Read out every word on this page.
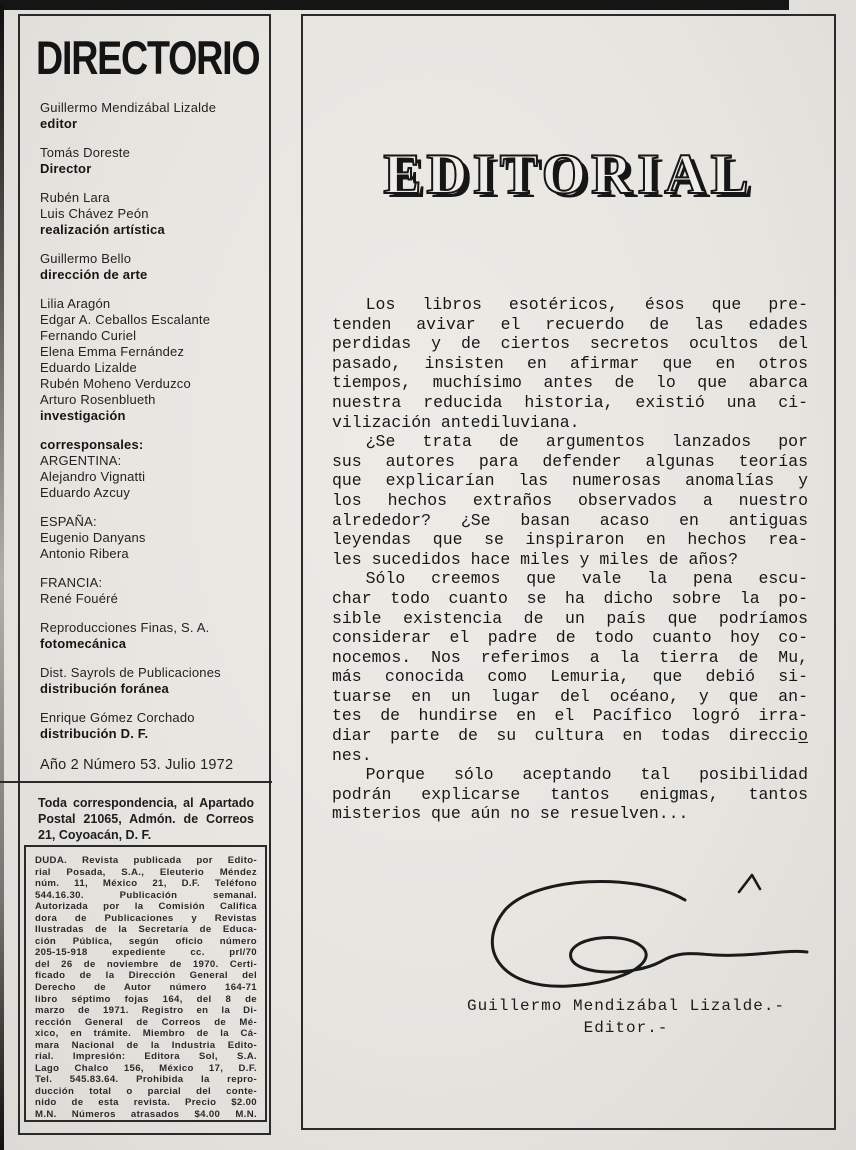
DIRECTORIO
Guillermo Mendizábal Lizalde
editor
Tomás Doreste
Director
Rubén Lara
Luis Chávez Peón
realización artística
Guillermo Bello
dirección de arte
Lilia Aragón
Edgar A. Ceballos Escalante
Fernando Curiel
Elena Emma Fernández
Eduardo Lizalde
Rubén Moheno Verduzco
Arturo Rosenblueth
investigación
corresponsales:
ARGENTINA:
Alejandro Vignatti
Eduardo Azcuy
ESPAÑA:
Eugenio Danyans
Antonio Ribera
FRANCIA:
René Fouéré
Reproducciones Finas, S. A.
fotomecánica
Dist. Sayrols de Publicaciones
distribución foránea
Enrique Gómez Corchado
distribución D. F.
Año 2 Número 53. Julio 1972
Toda correspondencia, al Apartado
Postal 21065, Admón. de Correos
21, Coyoacán, D. F.
DUDA. Revista publicada por Edito-
rial Posada, S.A., Eleuterio Méndez
núm. 11, México 21, D.F. Teléfono
544.16.30. Publicación semanal.
Autorizada por la Comisión Califica
dora de Publicaciones y Revistas
Ilustradas de la Secretaría de Educa-
ción Pública, según oficio número
205-15-918 expediente cc. prl/70
del 26 de noviembre de 1970. Certi-
ficado de la Dirección General del
Derecho de Autor número 164-71
libro séptimo fojas 164, del 8 de
marzo de 1971. Registro en la Di-
rección General de Correos de Mé-
xico, en trámite. Miembro de la Cá-
mara Nacional de la Industria Edito-
rial. Impresión: Editora Sol, S.A.
Lago Chalco 156, México 17, D.F.
Tel. 545.83.64. Prohibida la repro-
ducción total o parcial del conte-
nido de esta revista. Precio $2.00
M.N. Números atrasados $4.00 M.N.
EDITORIAL
Los libros esotéricos, ésos que pre-
tenden avivar el recuerdo de las edades
perdidas y de ciertos secretos ocultos del
pasado, insisten en afirmar que en otros
tiempos, muchísimo antes de lo que abarca
nuestra reducida historia, existió una ci-
vilización antediluviana.
¿Se trata de argumentos lanzados por
sus autores para defender algunas teorías
que explicarían las numerosas anomalías y
los hechos extraños observados a nuestro
alrededor? ¿Se basan acaso en antiguas
leyendas que se inspiraron en hechos rea-
les sucedidos hace miles y miles de años?
Sólo creemos que vale la pena escu-
char todo cuanto se ha dicho sobre la po-
sible existencia de un país que podríamos
considerar el padre de todo cuanto hoy co-
nocemos. Nos referimos a la tierra de Mu,
más conocida como Lemuria, que debió si-
tuarse en un lugar del océano, y que an-
tes de hundirse en el Pacífico logró irra-
diar parte de su cultura en todas direccio̲
nes.
Porque sólo aceptando tal posibilidad
podrán explicarse tantos enigmas, tantos
misterios que aún no se resuelven...
Guillermo Mendizábal Lizalde.-
Editor.-
